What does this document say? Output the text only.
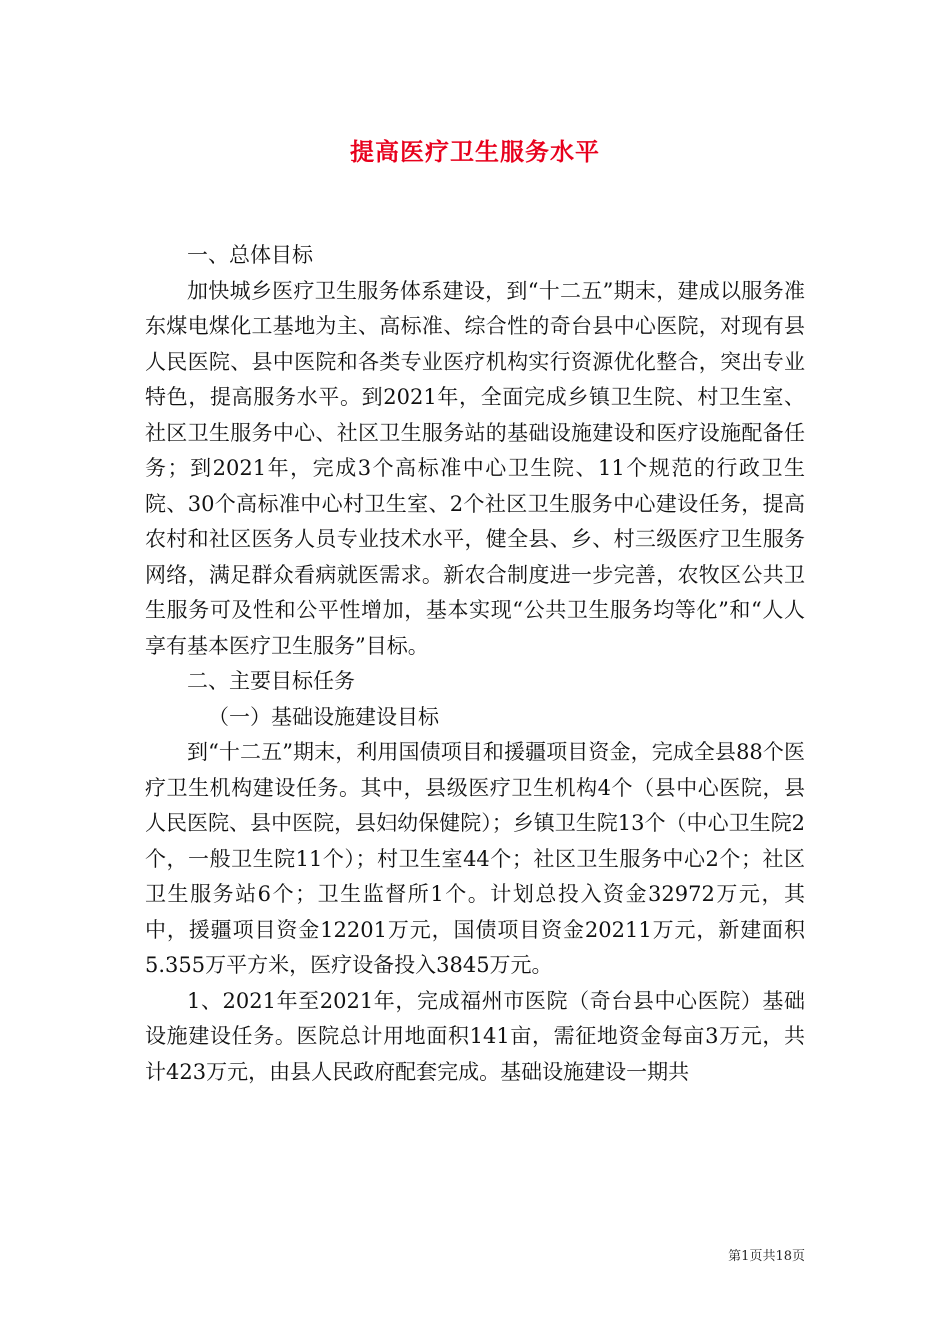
提高医疗卫生服务水平

一、总体目标

加快城乡医疗卫生服务体系建设，到“十二五”期末，建成以服务准东煤电煤化工基地为主、高标准、综合性的奇台县中心医院，对现有县人民医院、县中医院和各类专业医疗机构实行资源优化整合，突出专业特色，提高服务水平。到2021年，全面完成乡镇卫生院、村卫生室、社区卫生服务中心、社区卫生服务站的基础设施建设和医疗设施配备任务；到2021年，完成3个高标准中心卫生院、11个规范的行政卫生院、30个高标准中心村卫生室、2个社区卫生服务中心建设任务，提高农村和社区医务人员专业技术水平，健全县、乡、村三级医疗卫生服务网络，满足群众看病就医需求。新农合制度进一步完善，农牧区公共卫生服务可及性和公平性增加，基本实现“公共卫生服务均等化”和“人人享有基本医疗卫生服务”目标。

二、主要目标任务

（一）基础设施建设目标

到“十二五”期末，利用国债项目和援疆项目资金，完成全县88个医疗卫生机构建设任务。其中，县级医疗卫生机构4个（县中心医院，县人民医院、县中医院，县妇幼保健院）；乡镇卫生院13个（中心卫生院2个，一般卫生院11个）；村卫生室44个；社区卫生服务中心2个；社区卫生服务站6个；卫生监督所1个。计划总投入资金32972万元，其中，援疆项目资金12201万元，国债项目资金20211万元，新建面积5.355万平方米，医疗设备投入3845万元。

1、2021年至2021年，完成福州市医院（奇台县中心医院）基础设施建设任务。医院总计用地面积141亩，需征地资金每亩3万元，共计423万元，由县人民政府配套完成。基础设施建设一期共

第1页共18页
